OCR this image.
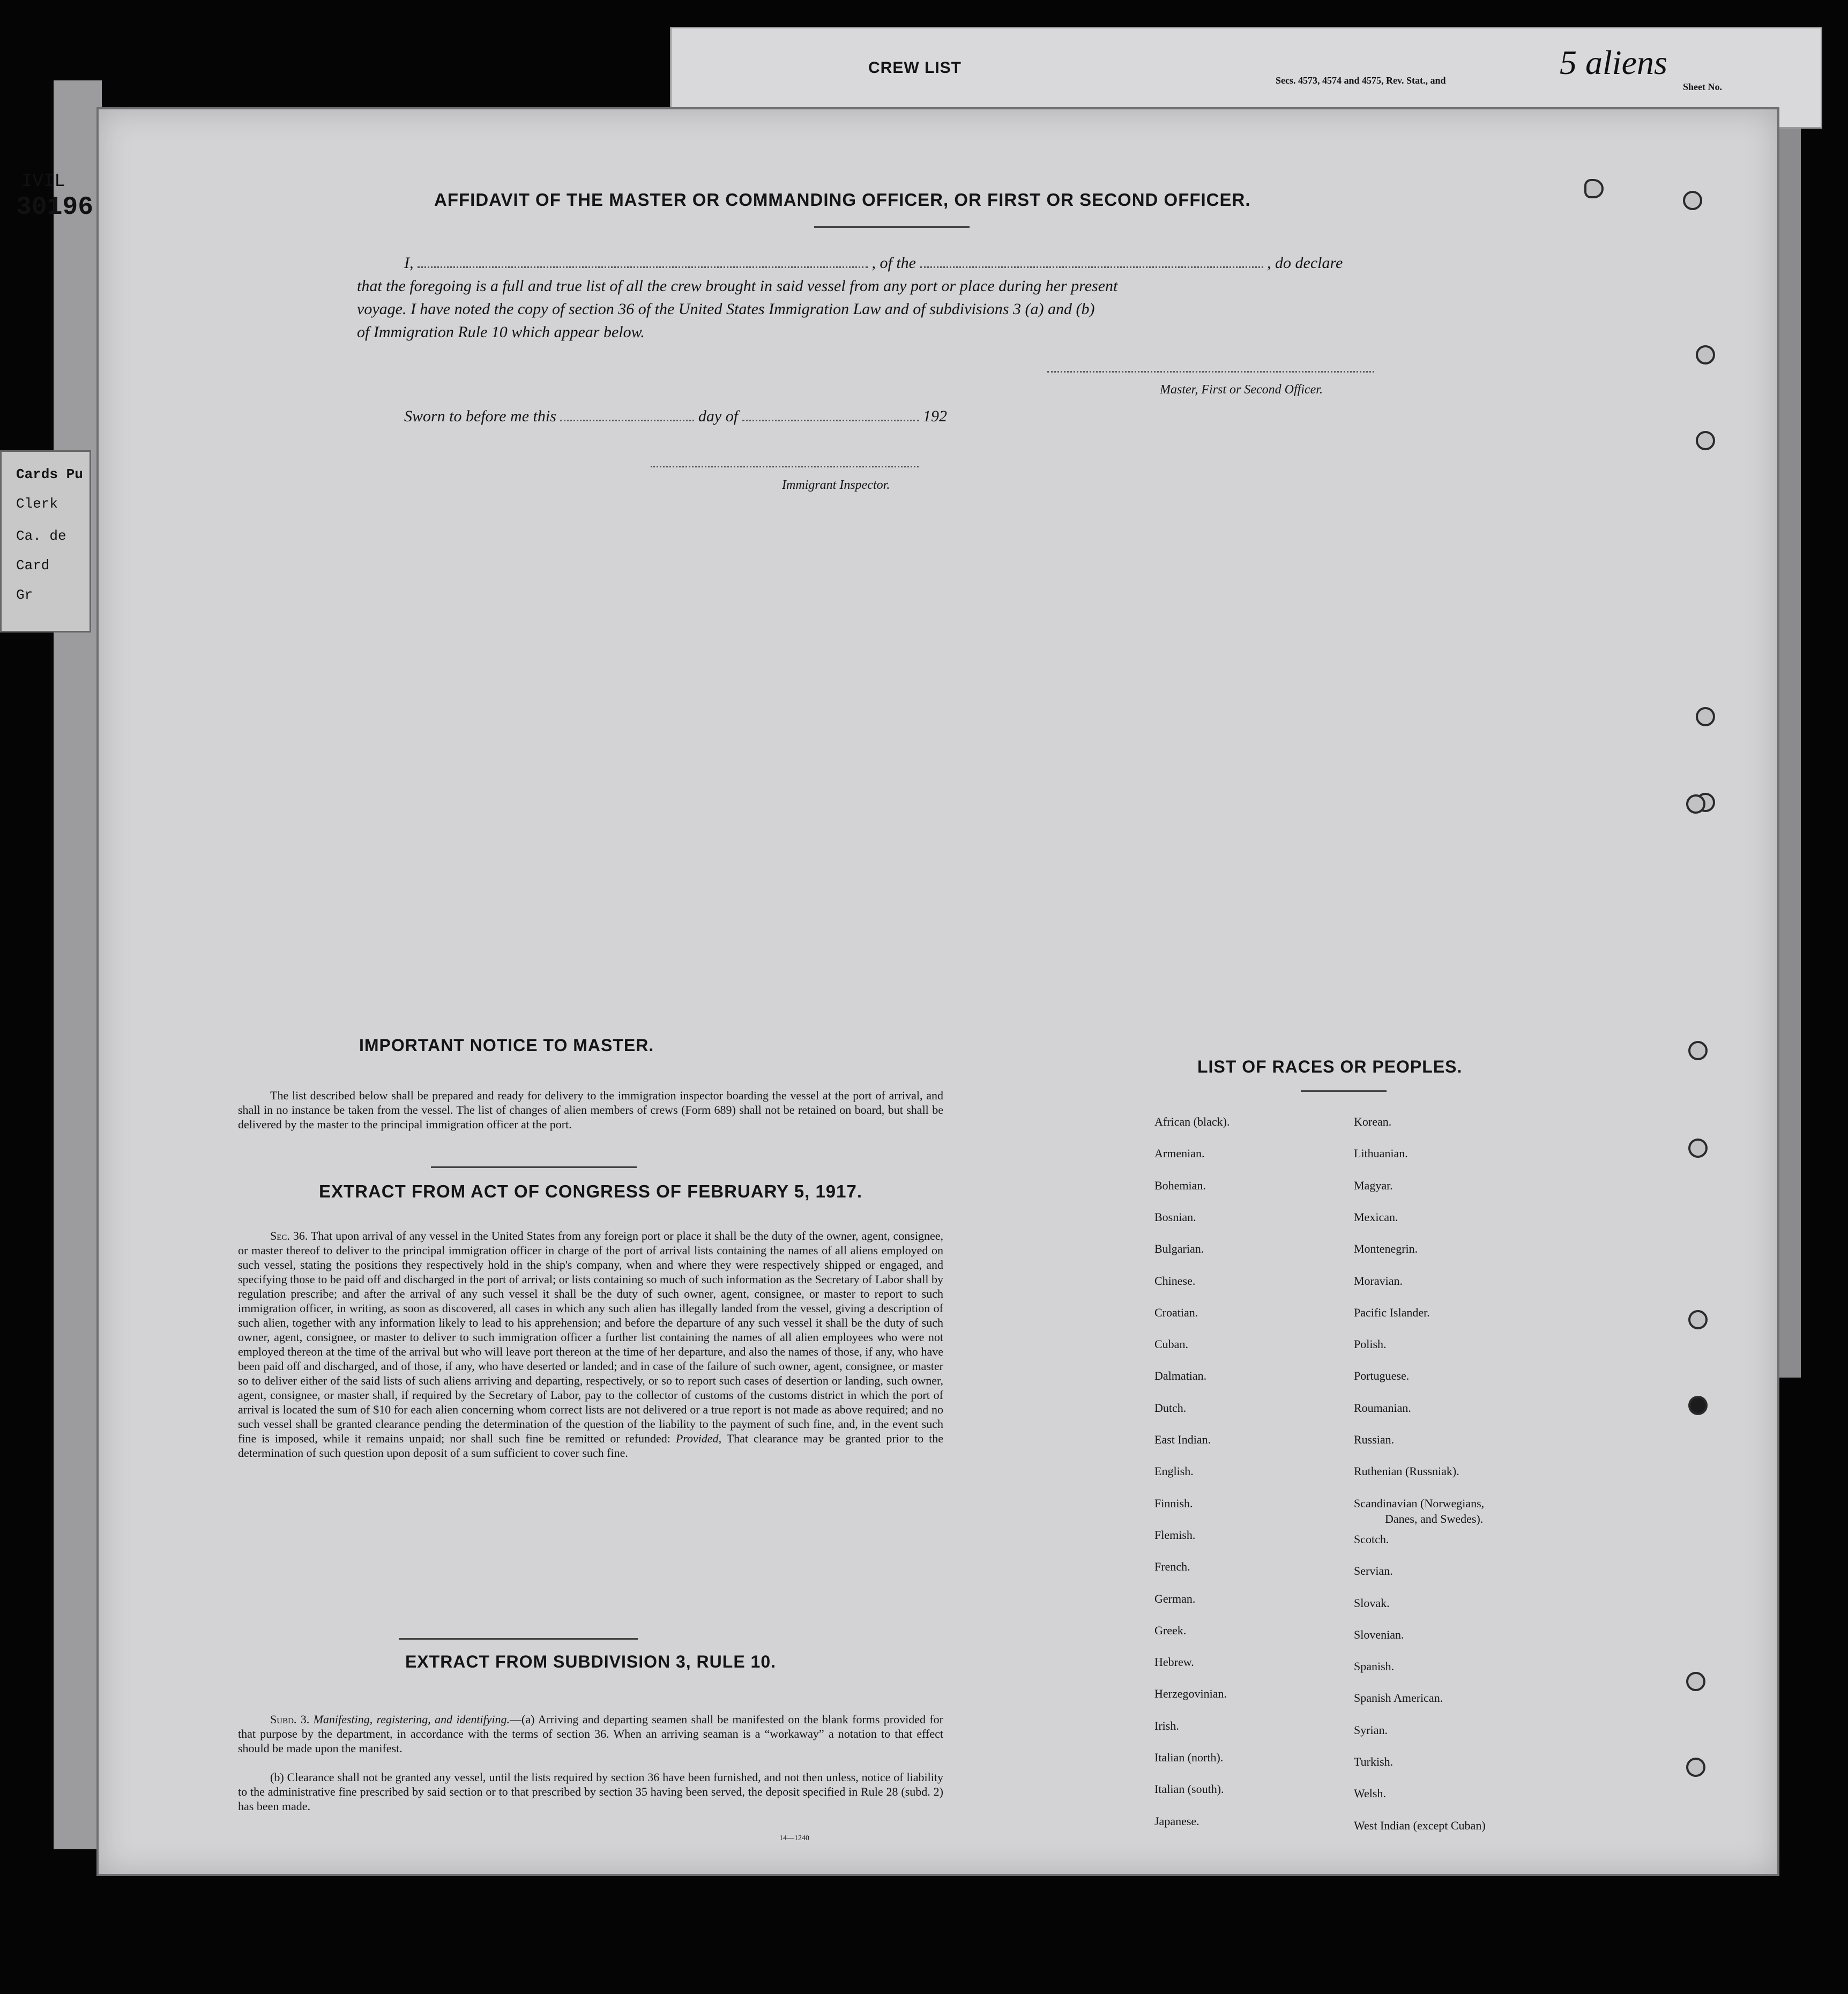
CREW LIST
Secs. 4573, 4574 and 4575, Rev. Stat., and	5 aliens
Sheet No.
IVIL
30196
Cards Pu
Clerk
Ca. de
Card
Gr
AFFIDAVIT OF THE MASTER OR COMMANDING OFFICER, OR FIRST OR SECOND OFFICER.
I,	, of the	, do declare
that the foregoing is a full and true list of all the crew brought in said vessel from any port or place during her present
voyage. I have noted the copy of section 36 of the United States Immigration Law and of subdivisions 3 (a) and (b)
of Immigration Rule 10 which appear below.
Master, First or Second Officer.
Sworn to before me this	day of	192
Immigrant Inspector.
IMPORTANT NOTICE TO MASTER.
The list described below shall be prepared and ready for delivery to the immigration inspector boarding the vessel at the port of arrival, and shall in no instance be taken from the vessel. The list of changes of alien members of crews (Form 689) shall not be retained on board, but shall be delivered by the master to the principal immigration officer at the port.
EXTRACT FROM ACT OF CONGRESS OF FEBRUARY 5, 1917.
Sec. 36. That upon arrival of any vessel in the United States from any foreign port or place it shall be the duty of the owner, agent, consignee, or master thereof to deliver to the principal immigration officer in charge of the port of arrival lists containing the names of all aliens employed on such vessel, stating the positions they respectively hold in the ship's company, when and where they were respectively shipped or engaged, and specifying those to be paid off and discharged in the port of arrival; or lists containing so much of such information as the Secretary of Labor shall by regulation prescribe; and after the arrival of any such vessel it shall be the duty of such owner, agent, consignee, or master to report to such immigration officer, in writing, as soon as discovered, all cases in which any such alien has illegally landed from the vessel, giving a description of such alien, together with any information likely to lead to his apprehension; and before the departure of any such vessel it shall be the duty of such owner, agent, consignee, or master to deliver to such immigration officer a further list containing the names of all alien employees who were not employed thereon at the time of the arrival but who will leave port thereon at the time of her departure, and also the names of those, if any, who have been paid off and discharged, and of those, if any, who have deserted or landed; and in case of the failure of such owner, agent, consignee, or master so to deliver either of the said lists of such aliens arriving and departing, respectively, or so to report such cases of desertion or landing, such owner, agent, consignee, or master shall, if required by the Secretary of Labor, pay to the collector of customs of the customs district in which the port of arrival is located the sum of $10 for each alien concerning whom correct lists are not delivered or a true report is not made as above required; and no such vessel shall be granted clearance pending the determination of the question of the liability to the payment of such fine, and, in the event such fine is imposed, while it remains unpaid; nor shall such fine be remitted or refunded: Provided, That clearance may be granted prior to the determination of such question upon deposit of a sum sufficient to cover such fine.
EXTRACT FROM SUBDIVISION 3, RULE 10.
Subd. 3. Manifesting, registering, and identifying.—(a) Arriving and departing seamen shall be manifested on the blank forms provided for that purpose by the department, in accordance with the terms of section 36. When an arriving seaman is a “workaway” a notation to that effect should be made upon the manifest.
(b) Clearance shall not be granted any vessel, until the lists required by section 36 have been furnished, and not then unless, notice of liability to the administrative fine prescribed by said section or to that prescribed by section 35 having been served, the deposit specified in Rule 28 (subd. 2) has been made.
14—1240
LIST OF RACES OR PEOPLES.
Danes, and Swedes).
African (black).
Armenian.
Bohemian.
Bosnian.
Bulgarian.
Chinese.
Croatian.
Cuban.
Dalmatian.
Dutch.
East Indian.
English.
Finnish.
Flemish.
French.
German.
Greek.
Hebrew.
Herzegovinian.
Irish.
Italian (north).
Italian (south).
Japanese.
Korean.
Lithuanian.
Magyar.
Mexican.
Montenegrin.
Moravian.
Pacific Islander.
Polish.
Portuguese.
Roumanian.
Russian.
Ruthenian (Russniak).
Scandinavian (Norwegians,
Scotch.
Servian.
Slovak.
Slovenian.
Spanish.
Spanish American.
Syrian.
Turkish.
Welsh.
West Indian (except Cuban)
